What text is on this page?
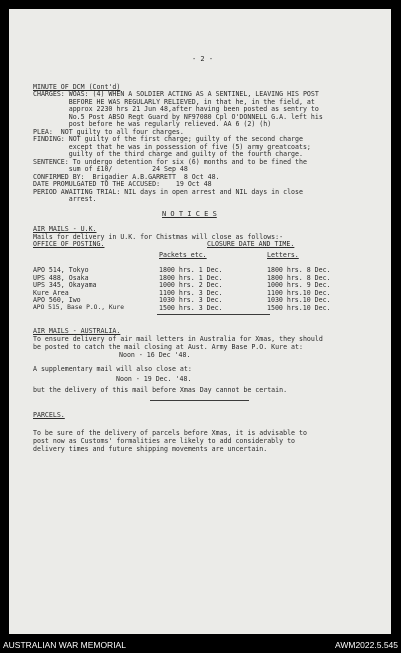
- 2 -
MINUTE OF DCM (Cont'd)
CHARGES: WOAS: (4) WHEN A SOLDIER ACTING AS A SENTINEL, LEAVING HIS POST
BEFORE HE WAS REGULARLY RELIEVED, in that he, in the field, at
approx 2230 hrs 21 Jun 48,after having been posted as sentry to
No.5 Post ABSO Regt Guard by NF97080 Cpl O'DONNELL G.A. left his
post before he was regularly relieved. AA 6 (2) (h)
PLEA:  NOT guilty to all four charges.
FINDING: NOT guilty of the first charge; guilty of the second charge
except that he was in possession of five (5) army greatcoats;
guilty of the third charge and guilty of the fourth charge.
SENTENCE: To undergo detention for six (6) months and to be fined the
sum of £10/          24 Sep 48
CONFIRMED BY:  Brigadier A.B.GARRETT  8 Oct 48.
DATE PROMULGATED TO THE ACCUSED:    19 Oct 48
PERIOD AWAITING TRIAL: NIL days in open arrest and NIL days in close
arrest.
N O T I C E S
AIR MAILS - U.K.
Mails for delivery in U.K. for Chistmas will close as follows:-
OFFICE OF POSTING.	CLOSURE DATE AND TIME.
Packets etc.	Letters.
APO 514, Tokyo	1800 hrs. 1 Dec.	1800 hrs. 8 Dec.
UPS 488, Osaka	1800 hrs. 1 Dec.	1800 hrs. 8 Dec.
UPS 345, Okayama	1000 hrs. 2 Dec.	1000 hrs. 9 Dec.
Kure Area	1100 hrs. 3 Dec.	1100 hrs.10 Dec.
APO 560, Iwo	1030 hrs. 3 Dec.	1030 hrs.10 Dec.
APO 515, Base P.O., Kure	1500 hrs. 3 Dec.	1500 hrs.10 Dec.
AIR MAILS - AUSTRALIA.
To ensure delivery of air mail letters in Australia for Xmas, they should
be posted to catch the mail closing at Aust. Army Base P.O. Kure at:
Noon - 16 Dec '48.
A supplementary mail will also close at:
Noon - 19 Dec. '48.
but the delivery of this mail before Xmas Day cannot be certain.
PARCELS.
To be sure of the delivery of parcels before Xmas, it is advisable to
post now as Customs' formalities are likely to add considerably to
delivery times and future shipping movements are uncertain.
AUSTRALIAN WAR MEMORIAL	AWM2022.5.545
